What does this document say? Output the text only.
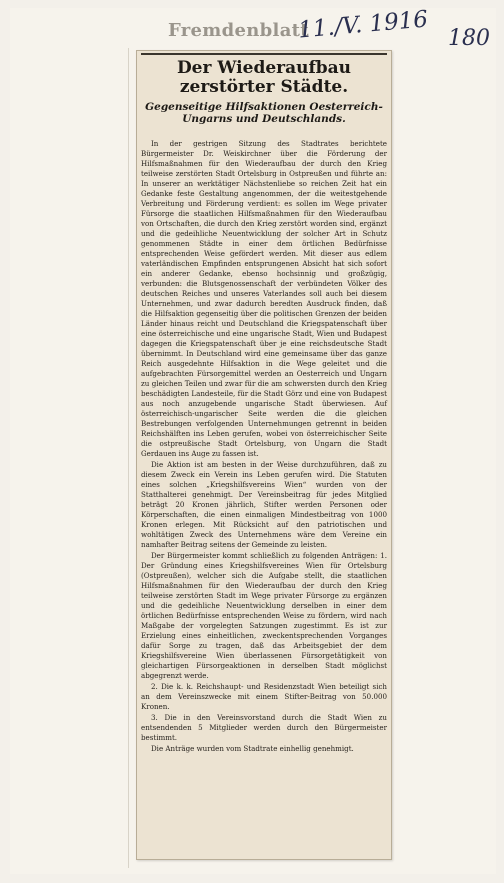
Fremdenblatt
11./V. 1916 180
Der Wiederaufbau zerstörter Städte.
Gegenseitige Hilfsaktionen Oesterreich-Ungarns und Deutschlands.

In der gestrigen Sitzung des Stadtrates berichtete Bürgermeister Dr. Weiskirchner über die Förderung der Hilfsmaßnahmen für den Wiederaufbau der durch den Krieg teilweise zerstörten Stadt Ortelsburg in Ostpreußen und führte an: In unserer an werktätiger Nächstenliebe so reichen Zeit hat ein Gedanke feste Gestaltung angenommen, der die weitestgehende Verbreitung und Förderung verdient: es sollen im Wege privater Fürsorge die staatlichen Hilfsmaßnahmen für den Wiederaufbau von Ortschaften, die durch den Krieg zerstört worden sind, ergänzt und die gedeihliche Neuentwicklung der solcher Art in Schutz genommenen Städte in einer dem örtlichen Bedürfnisse entsprechenden Weise gefördert werden. Mit dieser aus edlem vaterländischen Empfinden entsprungenen Absicht hat sich sofort ein anderer Gedanke, ebenso hochsinnig und großzügig, verbunden: die Blutsgenossenschaft der verbündeten Völker des deutschen Reiches und unseres Vaterlandes soll auch bei diesem Unternehmen, und zwar dadurch beredten Ausdruck finden, daß die Hilfsaktion gegenseitig über die politischen Grenzen der beiden Länder hinaus reicht und Deutschland die Kriegspatenschaft über eine österreichische und eine ungarische Stadt, Wien und Budapest dagegen die Kriegspatenschaft über je eine reichsdeutsche Stadt übernimmt. In Deutschland wird eine gemeinsame über das ganze Reich ausgedehnte Hilfsaktion in die Wege geleitet und die aufgebrachten Fürsorgemittel werden an Oesterreich und Ungarn zu gleichen Teilen und zwar für die am schwersten durch den Krieg beschädigten Landesteile, für die Stadt Görz und eine von Budapest aus noch anzugebende ungarische Stadt überwiesen. Auf österreichisch-ungarischer Seite werden die die gleichen Bestrebungen verfolgenden Unternehmungen getrennt in beiden Reichshälften ins Leben gerufen, wobei von österreichischer Seite die ostpreußische Stadt Ortelsburg, von Ungarn die Stadt Gerdauen ins Auge zu fassen ist.

Die Aktion ist am besten in der Weise durchzuführen, daß zu diesem Zweck ein Verein ins Leben gerufen wird. Die Statuten eines solchen „Kriegshilfsvereins Wien“ wurden von der Statthalterei genehmigt. Der Vereinsbeitrag für jedes Mitglied beträgt 20 Kronen jährlich, Stifter werden Personen oder Körperschaften, die einen einmaligen Mindestbeitrag von 1000 Kronen erlegen. Mit Rücksicht auf den patriotischen und wohltätigen Zweck des Unternehmens wäre dem Vereine ein namhafter Beitrag seitens der Gemeinde zu leisten.

Der Bürgermeister kommt schließlich zu folgenden Anträgen: 1. Der Gründung eines Kriegshilfsvereines Wien für Ortelsburg (Ostpreußen), welcher sich die Aufgabe stellt, die staatlichen Hilfsmaßnahmen für den Wiederaufbau der durch den Krieg teilweise zerstörten Stadt im Wege privater Fürsorge zu ergänzen und die gedeihliche Neuentwicklung derselben in einer dem örtlichen Bedürfnisse entsprechenden Weise zu fördern, wird nach Maßgabe der vorgelegten Satzungen zugestimmt. Es ist zur Erzielung eines einheitlichen, zweckentsprechenden Vorganges dafür Sorge zu tragen, daß das Arbeitsgebiet der dem Kriegshilfsvereine Wien überlassenen Fürsorgetätigkeit von gleichartigen Fürsorgeaktionen in derselben Stadt möglichst abgegrenzt werde.

2. Die k. k. Reichshaupt- und Residenzstadt Wien beteiligt sich an dem Vereinszwecke mit einem Stifter-Beitrag von 50.000 Kronen.

3. Die in den Vereinsvorstand durch die Stadt Wien zu entsendenden 5 Mitglieder werden durch den Bürgermeister bestimmt.

Die Anträge wurden vom Stadtrate einhellig genehmigt.
